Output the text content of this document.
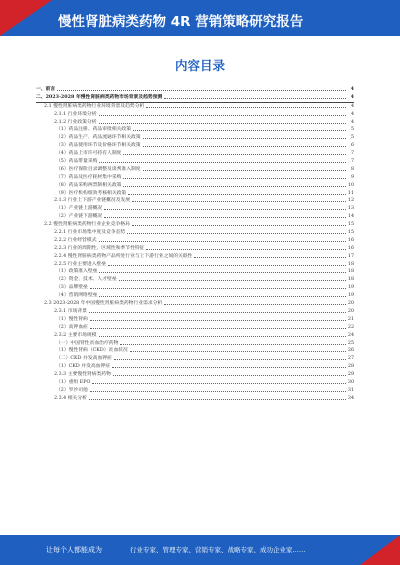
慢性肾脏病类药物 4R 营销策略研究报告
内容目录
一、前言	4
二、2023-2028 年慢性肾脏病类药物市场背景及趋势预测	4
2.1 慢性肾脏病类药物行业环境背景及趋势分析	4
2.1.1 行业环境分析	4
2.1.2 行业政策分析	4
（1）药品注册、药品审批相关政策	5
（2）药品生产、药品流通环节相关政策	5
（3）药品使用环节及价格环节相关政策	6
（4）药品上市许可持有人制度	7
（5）药品带量采购	7
（6）医疗保险目录调整及谈判准入制度	8
（7）药品及医疗耗材集中采购	9
（8）药品采购两票制相关政策	10
（9）医疗机构绩效考核相关政策	11
2.1.3 行业上下游产业链概况及发展	12
（1）产业链上游概况	13
（2）产业链下游概况	14
2.2 慢性肾脏病类药物行业企业竞争格局	15
2.2.1 行业市场集中度及竞争态势	15
2.2.2 行业经营模式	16
2.2.3 行业的周期性、区域性和季节性特征	16
2.2.4 慢性肾脏病类药物产品所处行业与上下游行业之间的关联性	17
2.2.5 行业主要进入壁垒	18
（1）政策准入壁垒	18
（2）资金、技术、人才壁垒	18
（3）品牌壁垒	19
（4）营销网络壁垒	19
2.3 2023-2028 年中国慢性肾脏病类药物行业需求分析	20
2.3.1 市场背景	20
（1）慢性肾病	21
（2）高钾血症	22
2.3.2 主要市场规模	24
（一）中国肾性贫血治疗药物	25
（1）慢性肾病（CKD）贫血状况	26
（二）CKD 并发高血钾症	27
（1）CKD 并发高血钾症	28
2.3.3 主要慢性肾病类药物	29
（1）重组 EPO	30
（2）罗沙司他	31
2.3.4 相关分析	34
让每个人都能成为	行业专家、管理专家、营销专家、战略专家、成功企业家……
